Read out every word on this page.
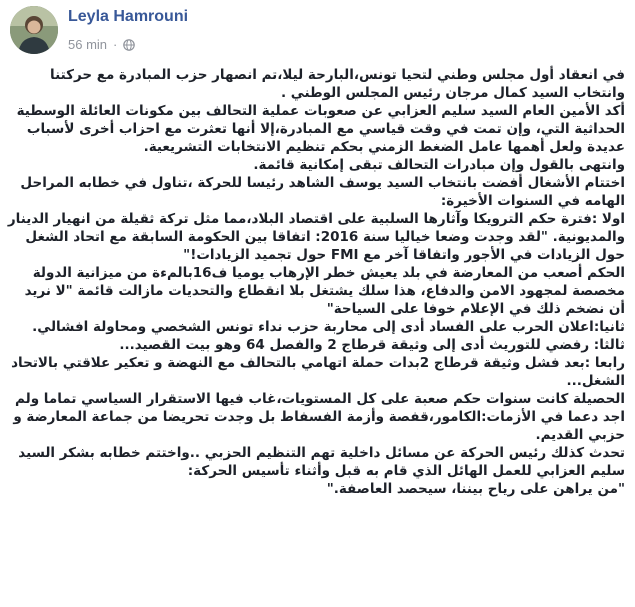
Leyla Hamrouni
56 min ·

في انعقاد أول مجلس وطني لتحيا تونس،البارحة ليلا،تم انصهار حزب المبادرة مع حركتنا وانتخاب السيد كمال مرجان رئيس المجلس الوطني .

أكد الأمين العام السيد سليم العزابي عن صعوبات عملية التحالف بين مكونات العائلة الوسطية الحداثية التي، وإن تمت في وقت قياسي مع المبادرة،إلا أنها تعثرت مع احزاب أخرى لأسباب عديدة ولعل أهمها عامل الضغط الزمني بحكم تنظيم الانتخابات التشريعية.

وانتهى بالقول وإن مبادرات التحالف تبقى إمكانية قائمة.

اختتام الأشغال أفضت بانتخاب السيد يوسف الشاهد رئيسا للحركة ،تناول في خطابه المراحل الهامه في السنوات الأخيرة:

اولا :فترة حكم الترويكا وآثارها السلبية على اقتصاد البلاد،مما مثل تركة ثقيلة من انهيار الدينار والمديونية. "لقد وجدت وضعا خياليا سنة 2016: اتفاقا بين الحكومة السابقة مع اتحاد الشغل حول الزيادات في الأجور واتفاقا آخر مع FMI حول تجميد الزيادات!"

الحكم أصعب من المعارضة في بلد يعيش خطر الإرهاب يوميا ف16بالمءة من ميزانية الدولة مخصصة لمجهود الامن والدفاع، هذا سلك يشتغل بلا انقطاع والتحديات مازالت قائمة "لا نريد أن نضخم ذلك في الإعلام خوفا على السياحة"

ثانيا:اعلان الحرب على الفساد أدى إلى محاربة حزب نداء تونس الشخصي ومحاولة افشالي.

ثالثا: رفضي للتوريث أدى إلى وثيقة قرطاج 2 والفصل 64 وهو بيت القصيد...

رابعا :بعد فشل وثيقة قرطاج 2بدات حملة اتهامي بالتحالف مع النهضة و تعكير علاقتي بالاتحاد الشغل...

الحصيلة كانت سنوات حكم صعبة على كل المستويات،غاب فيها الاستقرار السياسي تماما ولم اجد دعما في الأزمات:الكامور،قفصة وأزمة الفسفاط بل وجدت تحريضا من جماعة المعارضة و حزبي القديم.

تحدث كذلك رئيس الحركة عن مسائل داخلية تهم التنظيم الحزبي ..واختتم خطابه بشكر السيد سليم العزابي للعمل الهائل الذي قام به قبل وأثناء تأسيس الحركة:

"من يراهن على رياح بيننا، سيحصد العاصفة."
